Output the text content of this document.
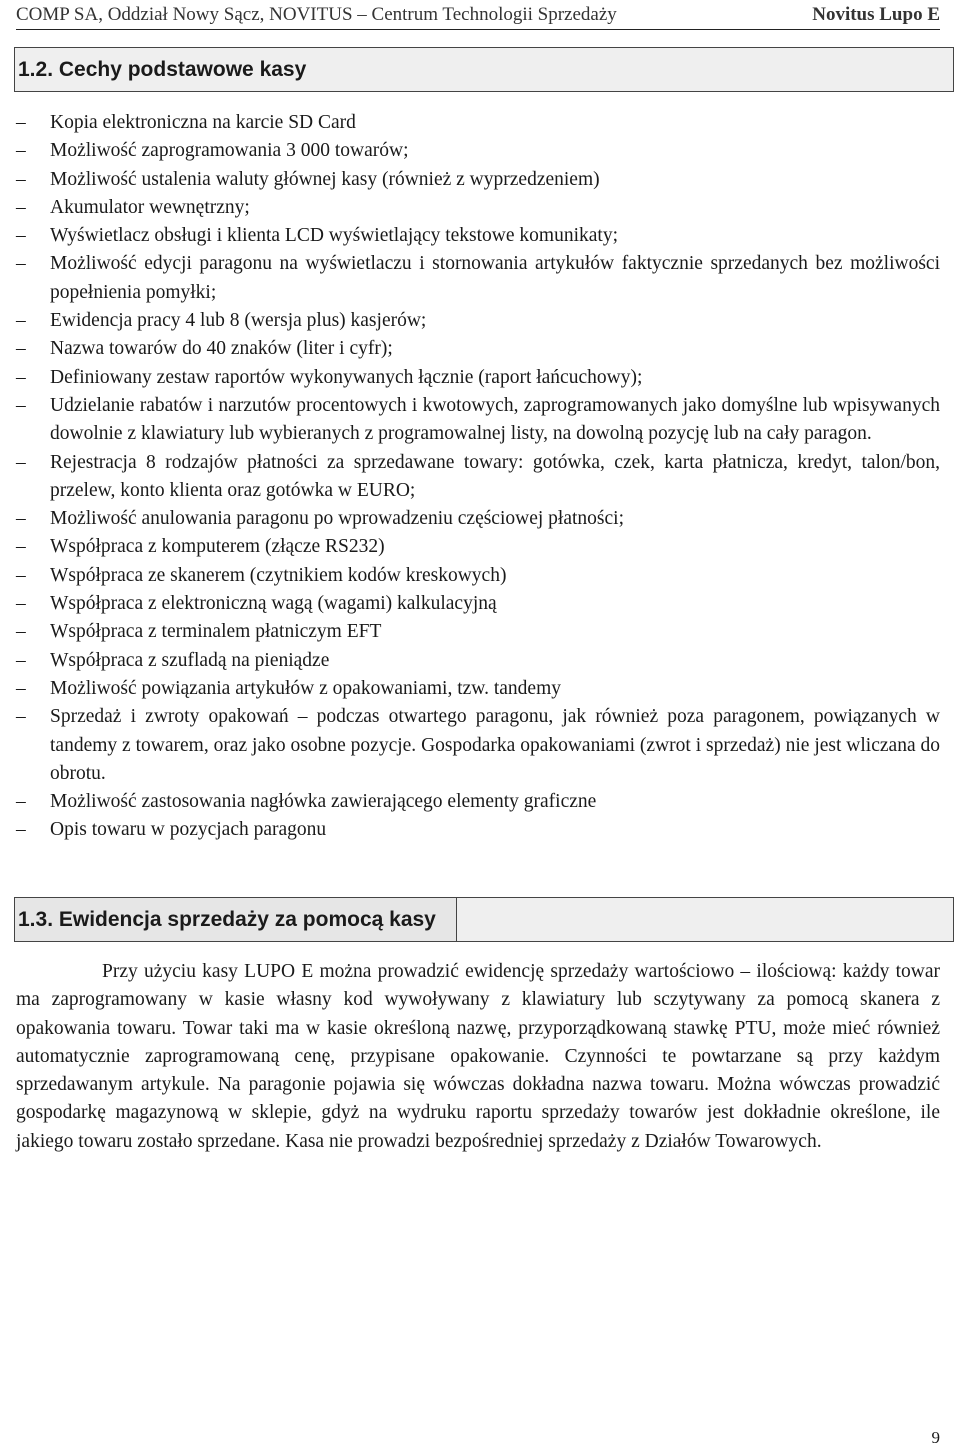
COMP SA, Oddział Nowy Sącz, NOVITUS – Centrum Technologii Sprzedaży	Novitus Lupo E
1.2. Cechy podstawowe kasy
– Kopia elektroniczna na karcie SD Card
– Możliwość zaprogramowania 3 000 towarów;
– Możliwość ustalenia waluty głównej kasy (również z wyprzedzeniem)
– Akumulator wewnętrzny;
– Wyświetlacz obsługi i klienta LCD wyświetlający tekstowe komunikaty;
– Możliwość edycji paragonu na wyświetlaczu i stornowania artykułów faktycznie sprzedanych bez możliwości popełnienia pomyłki;
– Ewidencja pracy 4 lub 8 (wersja plus) kasjerów;
– Nazwa towarów do 40 znaków (liter i cyfr);
– Definiowany zestaw raportów wykonywanych łącznie (raport łańcuchowy);
– Udzielanie rabatów i narzutów procentowych i kwotowych, zaprogramowanych jako domyślne lub wpisywanych dowolnie z klawiatury lub wybieranych z programowalnej listy, na dowolną pozycję lub na cały paragon.
– Rejestracja 8 rodzajów płatności za sprzedawane towary: gotówka, czek, karta płatnicza, kredyt, talon/bon, przelew, konto klienta oraz gotówka w EURO;
– Możliwość anulowania paragonu po wprowadzeniu częściowej płatności;
– Współpraca z komputerem (złącze RS232)
– Współpraca ze skanerem (czytnikiem kodów kreskowych)
– Współpraca z elektroniczną wagą (wagami) kalkulacyjną
– Współpraca z terminalem płatniczym EFT
– Współpraca z szufladą na pieniądze
– Możliwość powiązania artykułów z opakowaniami, tzw. tandemy
– Sprzedaż i zwroty opakowań – podczas otwartego paragonu, jak również poza paragonem, powiązanych w tandemy z towarem, oraz jako osobne pozycje. Gospodarka opakowaniami (zwrot i sprzedaż) nie jest wliczana do obrotu.
– Możliwość zastosowania nagłówka zawierającego elementy graficzne
– Opis towaru w pozycjach paragonu
1.3. Ewidencja sprzedaży za pomocą kasy

Przy użyciu kasy LUPO E można prowadzić ewidencję sprzedaży wartościowo – ilościową: każdy towar ma zaprogramowany w kasie własny kod wywoływany z klawiatury lub sczytywany za pomocą skanera z opakowania towaru. Towar taki ma w kasie określoną nazwę, przyporządkowaną stawkę PTU, może mieć również automatycznie zaprogramowaną cenę, przypisane opakowanie. Czynności te powtarzane są przy każdym sprzedawanym artykule. Na paragonie pojawia się wówczas dokładna nazwa towaru. Można wówczas prowadzić gospodarkę magazynową w sklepie, gdyż na wydruku raportu sprzedaży towarów jest dokładnie określone, ile jakiego towaru zostało sprzedane. Kasa nie prowadzi bezpośredniej sprzedaży z Działów Towarowych.

9
